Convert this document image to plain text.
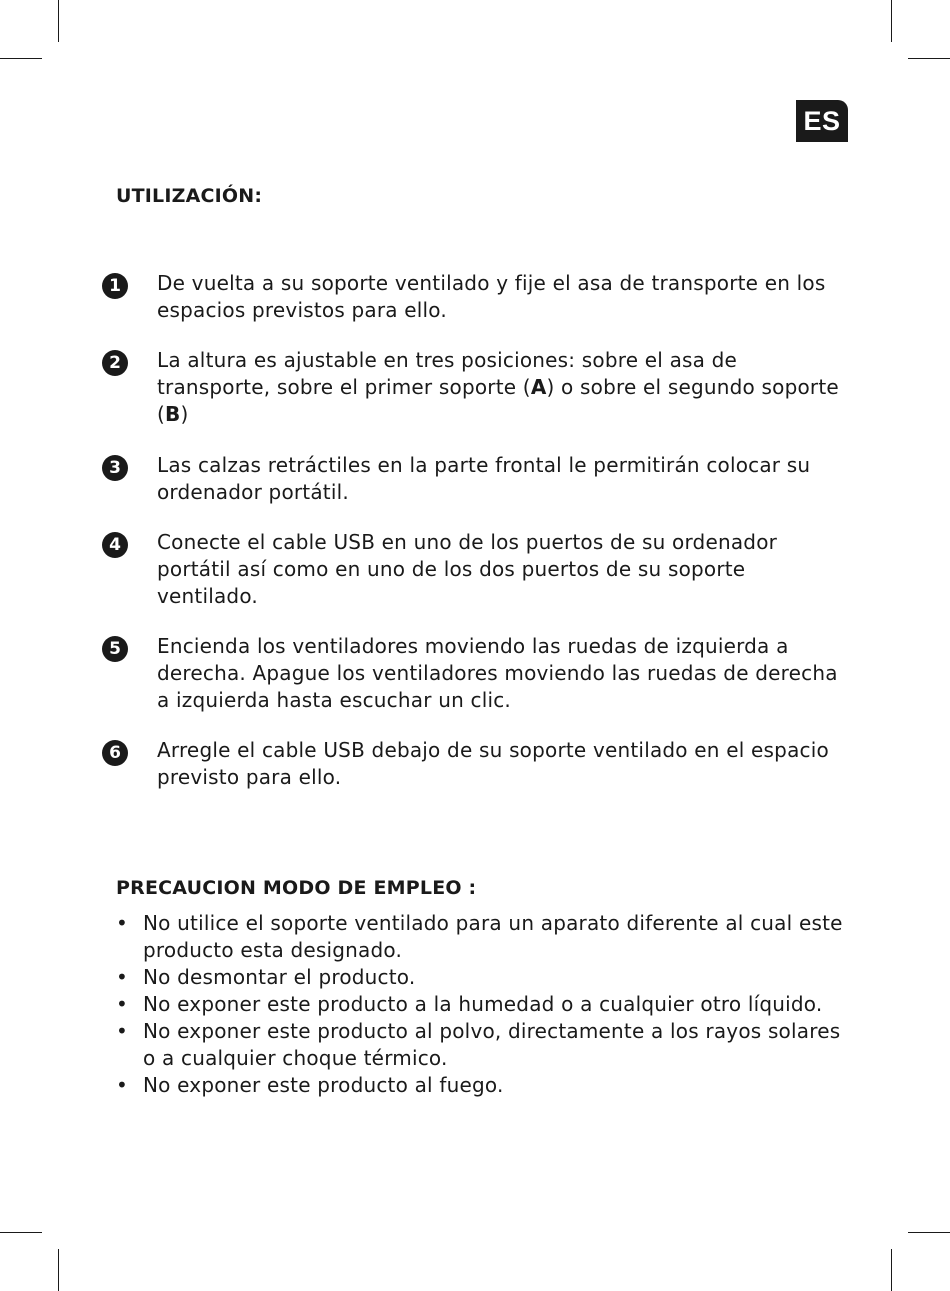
ES
UTILIZACIÓN:
1	De vuelta a su soporte ventilado y fije el asa de transporte en los espacios previstos para ello.
2	La altura es ajustable en tres posiciones: sobre el asa de transporte, sobre el primer soporte (A) o sobre el segundo soporte (B)
3	Las calzas retráctiles en la parte frontal le permitirán colocar su ordenador portátil.
4	Conecte el cable USB en uno de los puertos de su ordenador portátil así como en uno de los dos puertos de su soporte ventilado.
5	Encienda los ventiladores moviendo las ruedas de izquierda a derecha. Apague los ventiladores moviendo las ruedas de derecha a izquierda hasta escuchar un clic.
6	Arregle el cable USB debajo de su soporte ventilado en el espacio previsto para ello.
PRECAUCION MODO DE EMPLEO :
• No utilice el soporte ventilado para un aparato diferente al cual este producto esta designado.
• No desmontar el producto.
• No exponer este producto a la humedad o a cualquier otro líquido.
• No exponer este producto al polvo, directamente a los rayos solares o a cualquier choque térmico.
• No exponer este producto al fuego.
